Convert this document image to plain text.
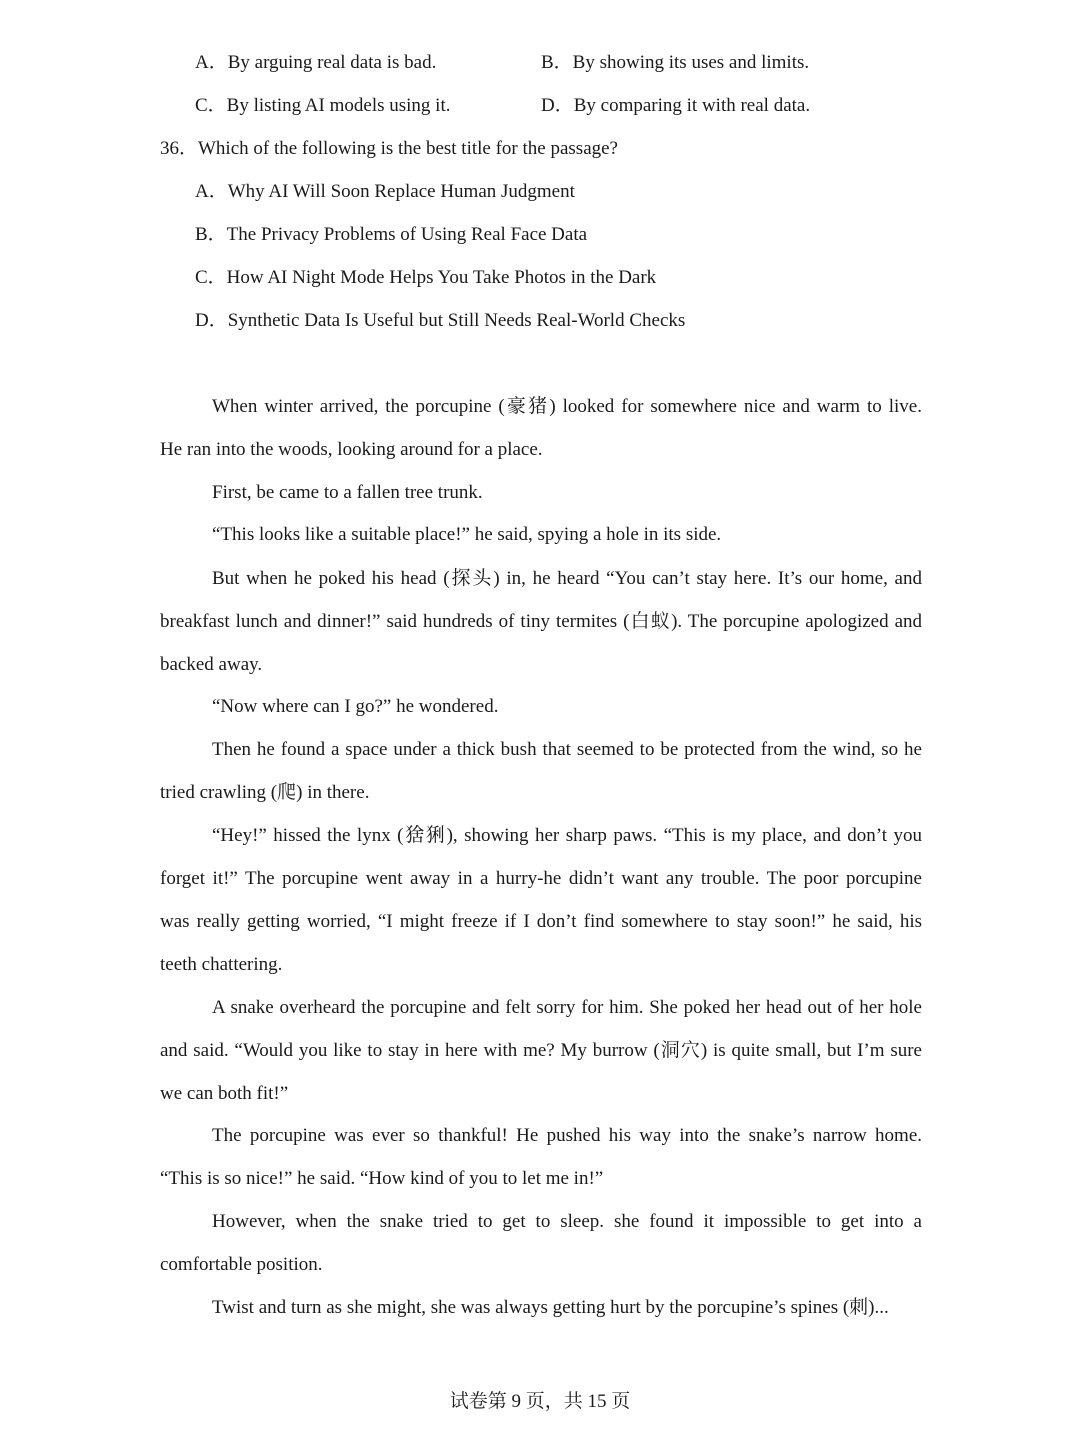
A．By arguing real data is bad.	B．By showing its uses and limits.
C．By listing AI models using it.	D．By comparing it with real data.
36．Which of the following is the best title for the passage?
A．Why AI Will Soon Replace Human Judgment
B．The Privacy Problems of Using Real Face Data
C．How AI Night Mode Helps You Take Photos in the Dark
D．Synthetic Data Is Useful but Still Needs Real-World Checks
When winter arrived, the porcupine (豪猪) looked for somewhere nice and warm to live.
He ran into the woods, looking around for a place.
First, be came to a fallen tree trunk.
“This looks like a suitable place!” he said, spying a hole in its side.
But when he poked his head (探头) in, he heard “You can’t stay here. It’s our home, and
breakfast lunch and dinner!” said hundreds of tiny termites (白蚁). The porcupine apologized and
backed away.
“Now where can I go?” he wondered.
Then he found a space under a thick bush that seemed to be protected from the wind, so he
tried crawling (爬) in there.
“Hey!” hissed the lynx (猞猁), showing her sharp paws. “This is my place, and don’t you
forget it!” The porcupine went away in a hurry-he didn’t want any trouble. The poor porcupine
was really getting worried, “I might freeze if I don’t find somewhere to stay soon!” he said, his
teeth chattering.
A snake overheard the porcupine and felt sorry for him. She poked her head out of her hole
and said. “Would you like to stay in here with me? My burrow (洞穴) is quite small, but I’m sure
we can both fit!”
The porcupine was ever so thankful! He pushed his way into the snake’s narrow home.
“This is so nice!” he said. “How kind of you to let me in!”
However, when the snake tried to get to sleep. she found it impossible to get into a
comfortable position.
Twist and turn as she might, she was always getting hurt by the porcupine’s spines (刺)...
试卷第 9 页，共 15 页
